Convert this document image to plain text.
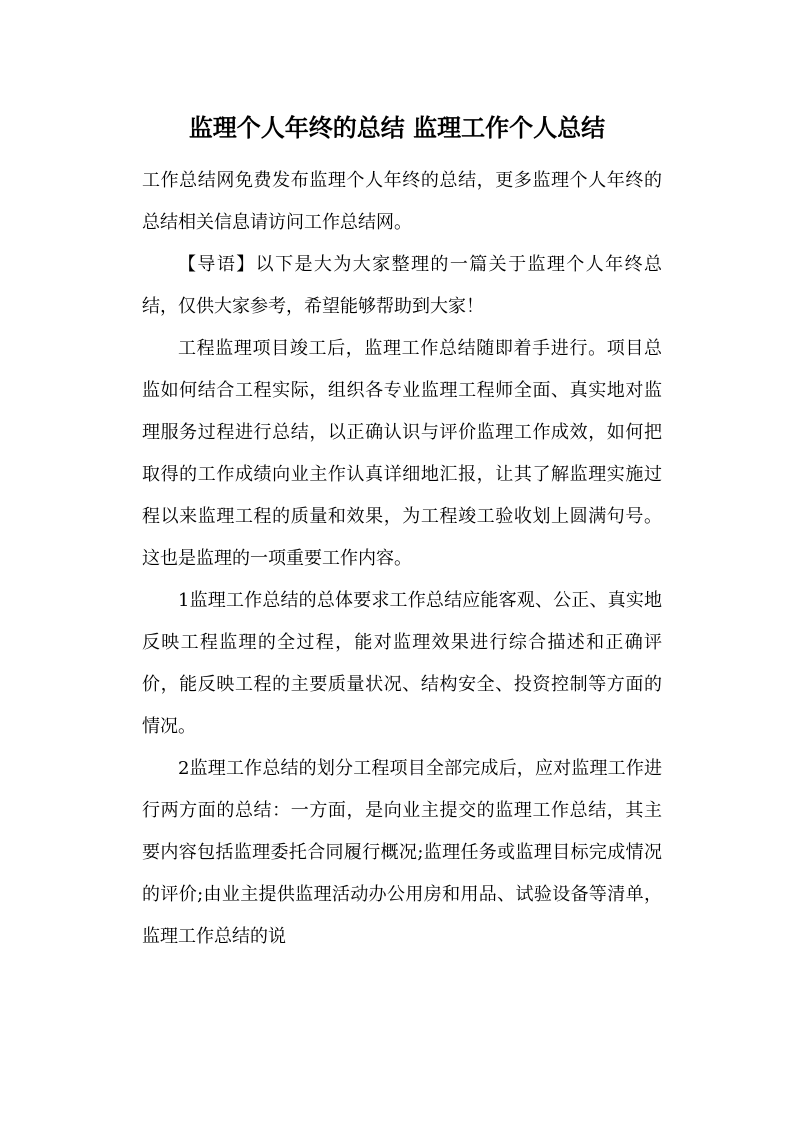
监理个人年终的总结 监理工作个人总结

工作总结网免费发布监理个人年终的总结，更多监理个人年终的总结相关信息请访问工作总结网。

【导语】以下是大为大家整理的一篇关于监理个人年终总结，仅供大家参考，希望能够帮助到大家！

工程监理项目竣工后，监理工作总结随即着手进行。项目总监如何结合工程实际，组织各专业监理工程师全面、真实地对监理服务过程进行总结，以正确认识与评价监理工作成效，如何把取得的工作成绩向业主作认真详细地汇报，让其了解监理实施过程以来监理工程的质量和效果，为工程竣工验收划上圆满句号。这也是监理的一项重要工作内容。

1监理工作总结的总体要求工作总结应能客观、公正、真实地反映工程监理的全过程，能对监理效果进行综合描述和正确评价，能反映工程的主要质量状况、结构安全、投资控制等方面的情况。

2监理工作总结的划分工程项目全部完成后，应对监理工作进行两方面的总结：一方面，是向业主提交的监理工作总结，其主要内容包括监理委托合同履行概况;监理任务或监理目标完成情况的评价;由业主提供监理活动办公用房和用品、试验设备等清单，监理工作总结的说
